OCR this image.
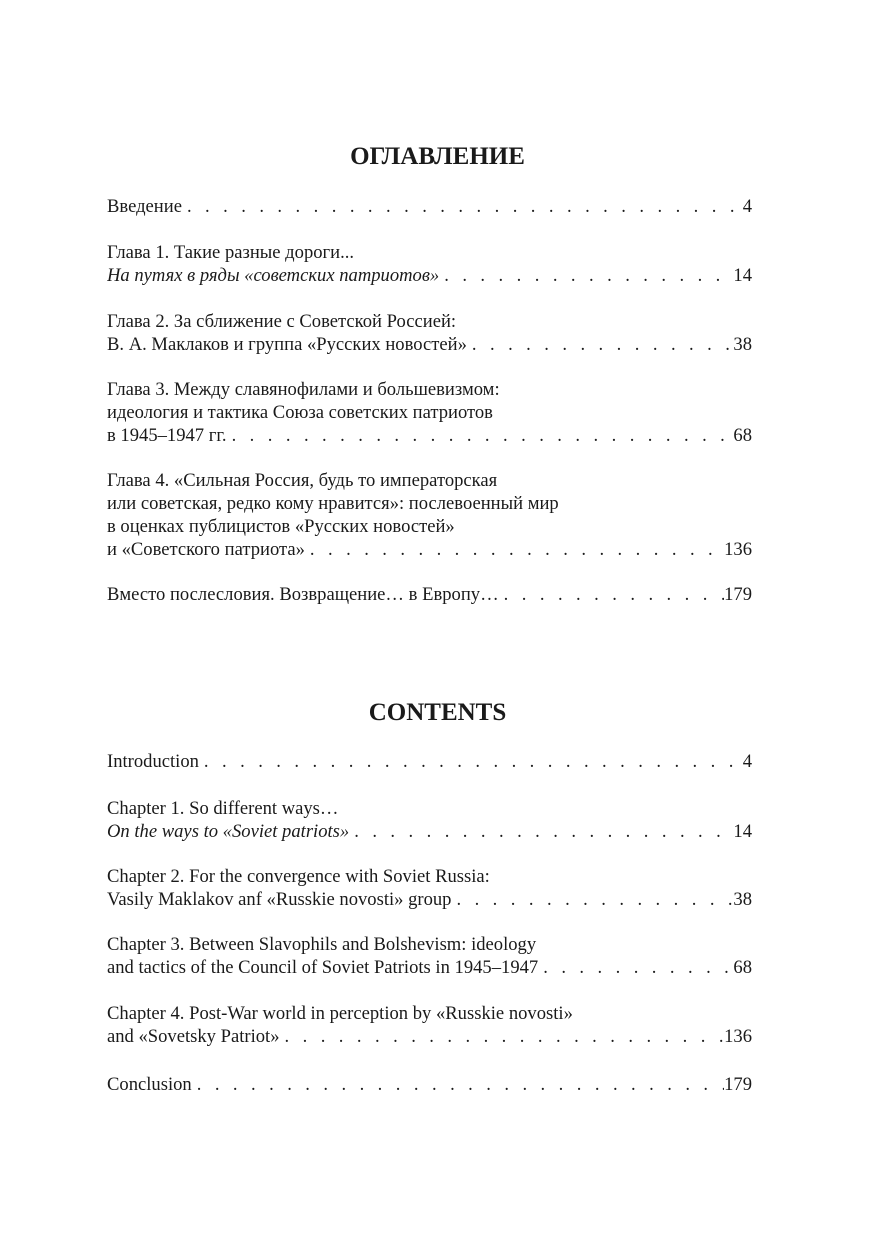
ОГЛАВЛЕНИЕ
Введение . . .	4
Глава 1. Такие разные дороги...
На путях в ряды «советских патриотов» . . .	14
Глава 2. За сближение с Советской Россией:
В. А. Маклаков и группа «Русских новостей» . . .	38
Глава 3. Между славянофилами и большевизмом:
идеология и тактика Союза советских патриотов
в 1945–1947 гг. . . .	68
Глава 4. «Сильная Россия, будь то императорская
или советская, редко кому нравится»: послевоенный мир
в оценках публицистов «Русских новостей»
и «Советского патриота» . . .	136
Вместо послесловия. Возвращение… в Европу… . . .	179
CONTENTS
Introduction . . .	4
Chapter 1. So different ways…
On the ways to «Soviet patriots» . . .	14
Chapter 2. For the convergence with Soviet Russia:
Vasily Maklakov anf «Russkie novosti» group . . .	38
Chapter 3. Between Slavophils and Bolshevism: ideology
and tactics of the Council of Soviet Patriots in 1945–1947 . . .	68
Chapter 4. Post-War world in perception by «Russkie novosti»
and «Sovetsky Patriot» . . .	136
Conclusion . . .	179
